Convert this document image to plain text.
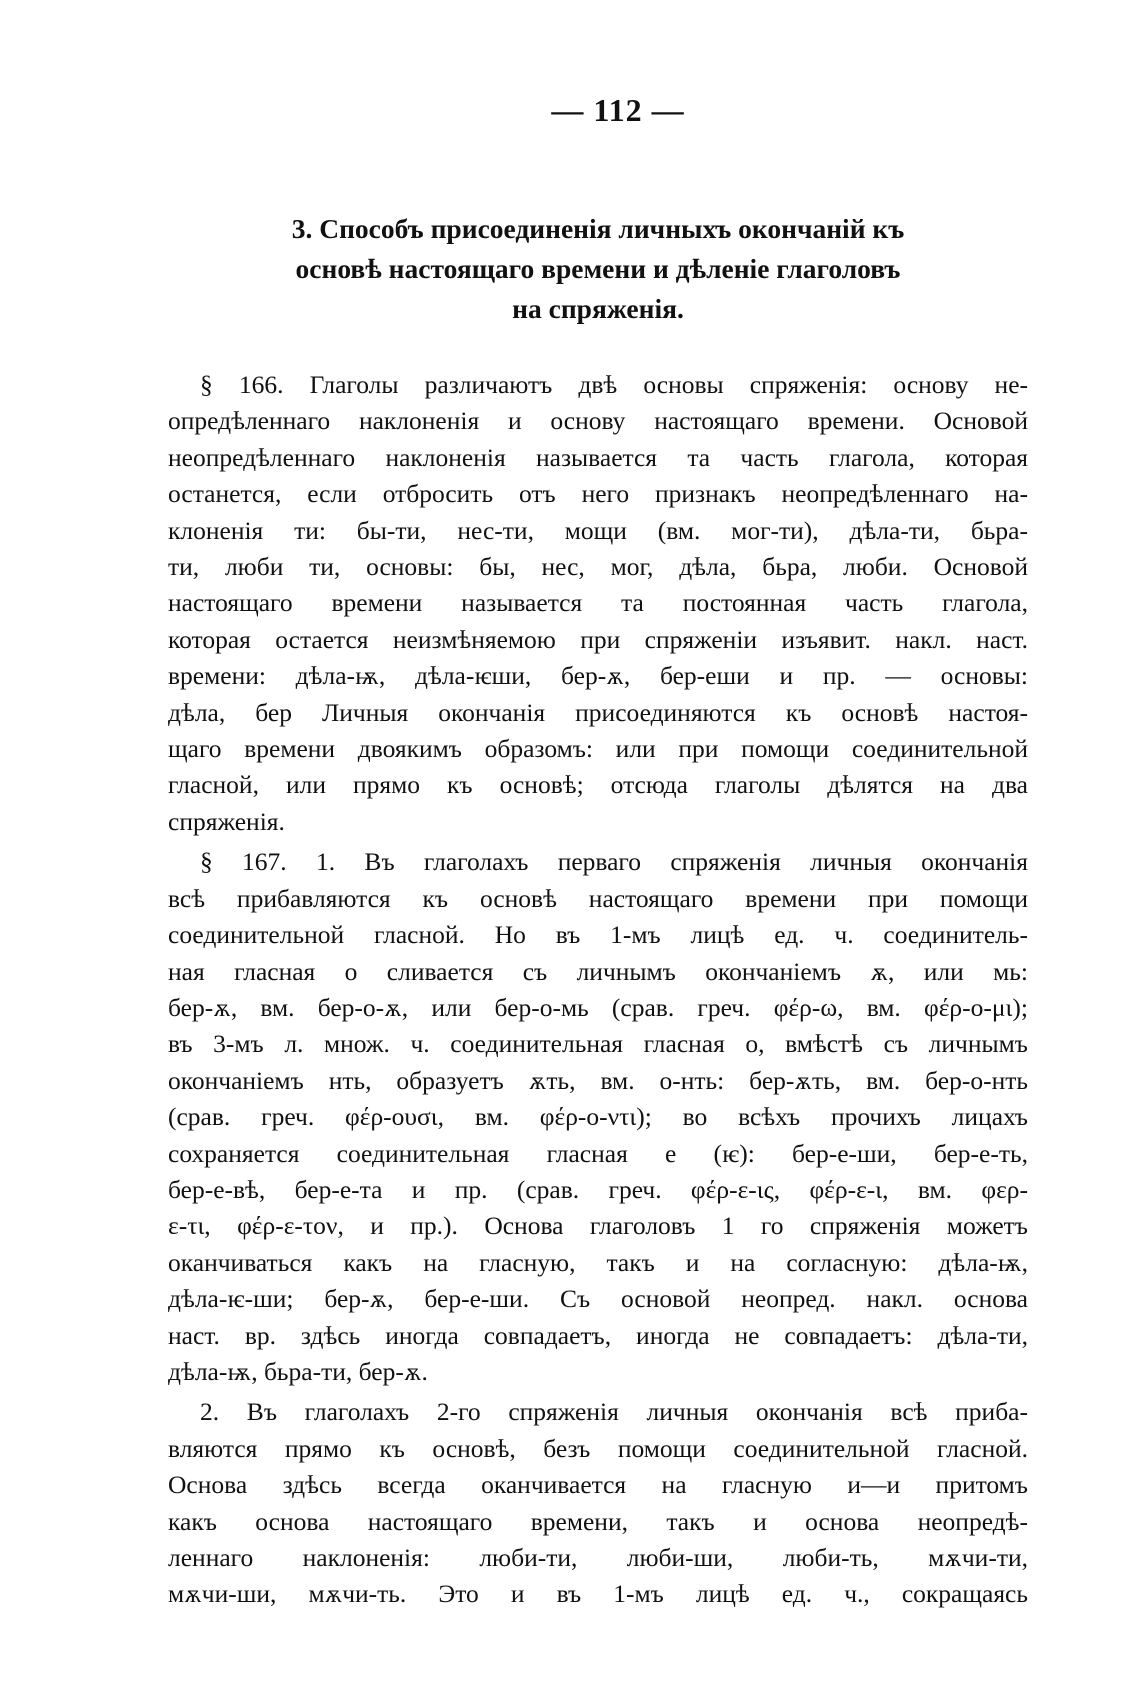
— 112 —
3. Способъ присоединенія личныхъ окончаній къ
основѣ настоящаго времени и дѣленіе глаголовъ
на спряженія.
§ 166. Глаголы различаютъ двѣ основы спряженія: основу не-
опредѣленнаго наклоненія и основу настоящаго времени. Основой
неопредѣленнаго наклоненія называется та часть глагола, которая
останется, если отбросить отъ него признакъ неопредѣленнаго на-
клоненія ти: бы-ти, нес-ти, мощи (вм. мог-ти), дѣла-ти, бьра-
ти, люби ти, основы: бы, нес, мог, дѣла, бьра, люби. Основой
настоящаго времени называется та постоянная часть глагола,
которая остается неизмѣняемою при спряженіи изъявит. накл. наст.
времени: дѣла-ѭ, дѣла-ѥши, бер-ѫ, бер-еши и пр. — основы:
дѣла, бер Личныя окончанія присоединяются къ основѣ настоя-
щаго времени двоякимъ образомъ: или при помощи соединительной
гласной, или прямо къ основѣ; отсюда глаголы дѣлятся на два
спряженія.
§ 167. 1. Въ глаголахъ перваго спряженія личныя окончанія
всѣ прибавляются къ основѣ настоящаго времени при помощи
соединительной гласной. Но въ 1-мъ лицѣ ед. ч. соединитель-
ная гласная о сливается съ личнымъ окончаніемъ ѫ, или мь:
бер-ѫ, вм. бер-о-ѫ, или бер-о-мь (срав. греч. φέρ-ω, вм. φέρ-ο-μι);
въ 3-мъ л. множ. ч. соединительная гласная о, вмѣстѣ съ личнымъ
окончаніемъ нть, образуетъ ѫть, вм. о-нть: бер-ѫть, вм. бер-о-нть
(срав. греч. φέρ-ουσι, вм. φέρ-ο-ντι); во всѣхъ прочихъ лицахъ
сохраняется соединительная гласная е (ѥ): бер-е-ши, бер-е-ть,
бер-е-вѣ, бер-е-та и пр. (срав. греч. φέρ-ε-ις, φέρ-ε-ι, вм. φερ-
ε-τι, φέρ-ε-τον, и пр.). Основа глаголовъ 1 го спряженія можетъ
оканчиваться какъ на гласную, такъ и на согласную: дѣла-ѭ,
дѣла-ѥ-ши; бер-ѫ, бер-е-ши. Съ основой неопред. накл. основа
наст. вр. здѣсь иногда совпадаетъ, иногда не совпадаетъ: дѣла-ти,
дѣла-ѭ, бьра-ти, бер-ѫ.
2. Въ глаголахъ 2-го спряженія личныя окончанія всѣ приба-
вляются прямо къ основѣ, безъ помощи соединительной гласной.
Основа здѣсь всегда оканчивается на гласную и—и притомъ
какъ основа настоящаго времени, такъ и основа неопредѣ-
леннаго наклоненія: люби-ти, люби-ши, люби-ть, мѫчи-ти,
мѫчи-ши, мѫчи-ть. Это и въ 1-мъ лицѣ ед. ч., сокращаясь
